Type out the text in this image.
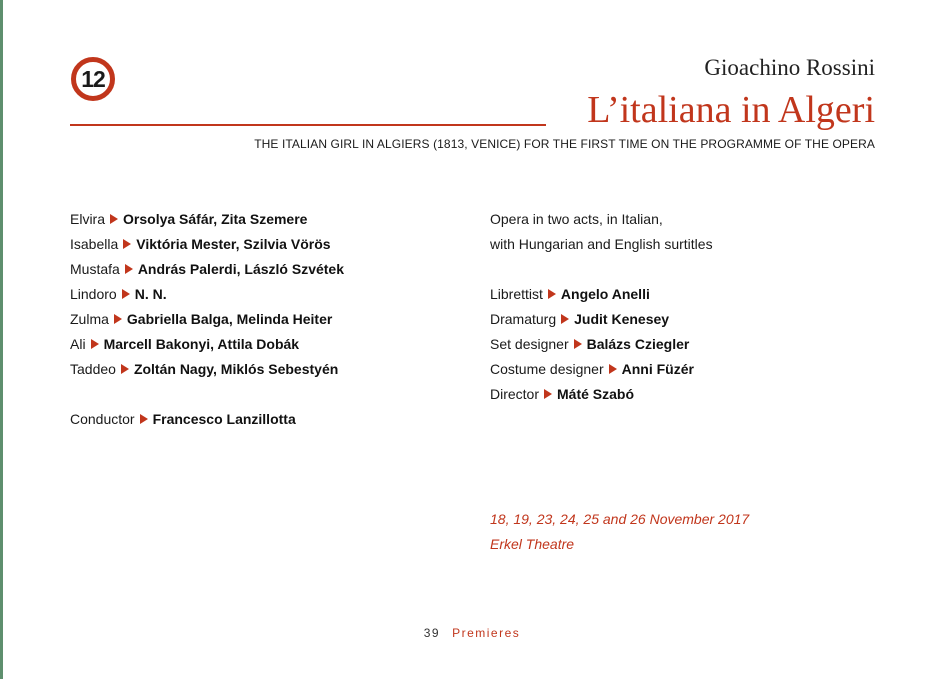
12	Gioachino Rossini
L’italiana in Algeri
THE ITALIAN GIRL IN ALGIERS (1813, VENICE) FOR THE FIRST TIME ON THE PROGRAMME OF THE OPERA
Elvira Orsolya Sáfár, Zita Szemere
Isabella Viktória Mester, Szilvia Vörös
Mustafa András Palerdi, László Szvétek
Lindoro N. N.
Zulma Gabriella Balga, Melinda Heiter
Ali Marcell Bakonyi, Attila Dobák
Taddeo Zoltán Nagy, Miklós Sebestyén
Conductor Francesco Lanzillotta
Opera in two acts, in Italian,
with Hungarian and English surtitles
Librettist Angelo Anelli
Dramaturg Judit Kenesey
Set designer Balázs Cziegler
Costume designer Anni Füzér
Director Máté Szabó
18, 19, 23, 24, 25 and 26 November 2017
Erkel Theatre
39 Premieres
